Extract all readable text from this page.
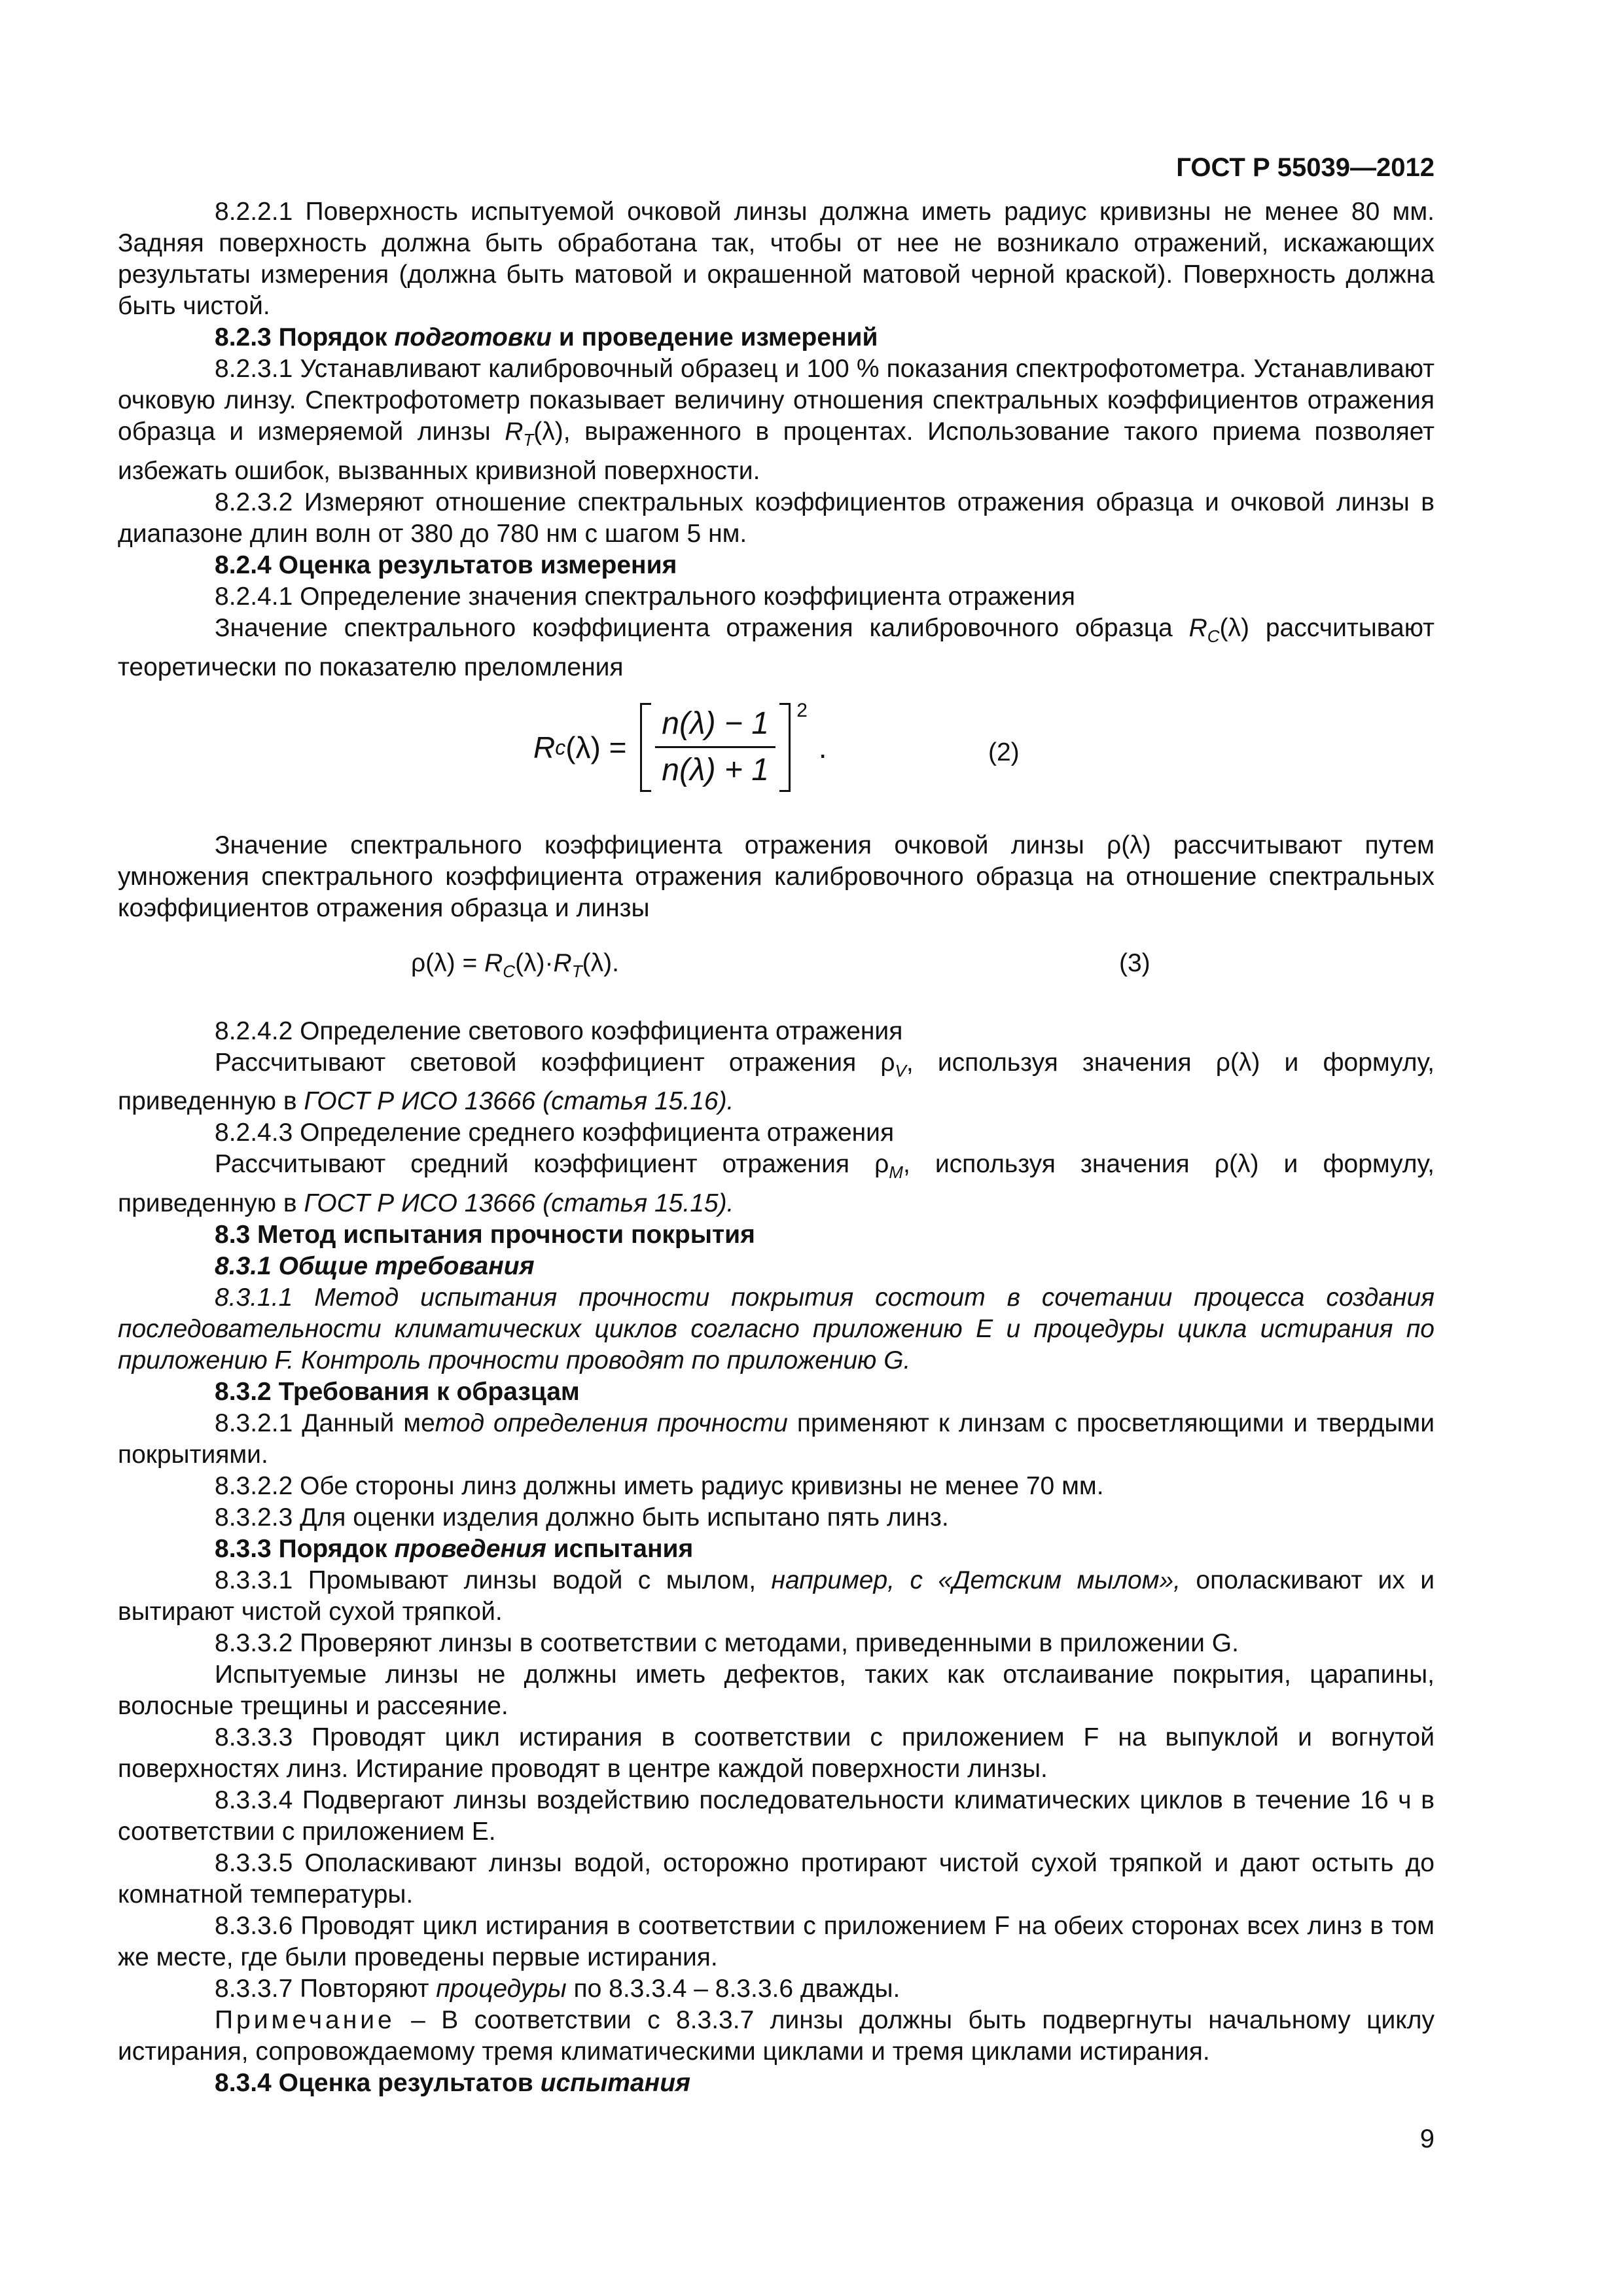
ГОСТ Р 55039—2012

8.2.2.1 Поверхность испытуемой очковой линзы должна иметь радиус кривизны не менее 80 мм. Задняя поверхность должна быть обработана так, чтобы от нее не возникало отражений, искажающих результаты измерения (должна быть матовой и окрашенной матовой черной краской). Поверхность должна быть чистой.

8.2.3 Порядок подготовки и проведение измерений

8.2.3.1 Устанавливают калибровочный образец и 100 % показания спектрофотометра. Устанавливают очковую линзу. Спектрофотометр показывает величину отношения спектральных коэффициентов отражения образца и измеряемой линзы $R_T(\lambda)$, выраженного в процентах. Использование такого приема позволяет избежать ошибок, вызванных кривизной поверхности.

8.2.3.2 Измеряют отношение спектральных коэффициентов отражения образца и очковой линзы в диапазоне длин волн от 380 до 780 нм с шагом 5 нм.

8.2.4 Оценка результатов измерения

8.2.4.1 Определение значения спектрального коэффициента отражения

Значение спектрального коэффициента отражения калибровочного образца $R_C(\lambda)$ рассчитывают теоретически по показателю преломления

$Rc(\lambda) = \frac{n(\lambda) - 1}{n(\lambda) + 1} 2$
.	(2)

Значение спектрального коэффициента отражения очковой линзы ρ(λ) рассчитывают путем умножения спектрального коэффициента отражения калибровочного образца на отношение спектральных коэффициентов отражения образца и линзы

$\rho(\lambda) = R_C(\lambda)\cdot R_T(\lambda)$.	(3)

8.2.4.2 Определение светового коэффициента отражения

Рассчитывают световой коэффициент отражения $\rho_V$, используя значения ρ(λ) и формулу, приведенную в ГОСТ Р ИСО 13666 (статья 15.16).

8.2.4.3 Определение среднего коэффициента отражения

Рассчитывают средний коэффициент отражения $\rho_M$, используя значения ρ(λ) и формулу, приведенную в ГОСТ Р ИСО 13666 (статья 15.15).

8.3 Метод испытания прочности покрытия

8.3.1 Общие требования

8.3.1.1 Метод испытания прочности покрытия состоит в сочетании процесса создания последовательности климатических циклов согласно приложению E и процедуры цикла истирания по приложению F. Контроль прочности проводят по приложению G.

8.3.2 Требования к образцам

8.3.2.1 Данный метод определения прочности применяют к линзам с просветляющими и твердыми покрытиями.

8.3.2.2 Обе стороны линз должны иметь радиус кривизны не менее 70 мм.

8.3.2.3 Для оценки изделия должно быть испытано пять линз.

8.3.3 Порядок проведения испытания

8.3.3.1 Промывают линзы водой с мылом, например, с «Детским мылом», ополаскивают их и вытирают чистой сухой тряпкой.

8.3.3.2 Проверяют линзы в соответствии с методами, приведенными в приложении G.

Испытуемые линзы не должны иметь дефектов, таких как отслаивание покрытия, царапины, волосные трещины и рассеяние.

8.3.3.3 Проводят цикл истирания в соответствии с приложением F на выпуклой и вогнутой поверхностях линз. Истирание проводят в центре каждой поверхности линзы.

8.3.3.4 Подвергают линзы воздействию последовательности климатических циклов в течение 16 ч в соответствии с приложением E.

8.3.3.5 Ополаскивают линзы водой, осторожно протирают чистой сухой тряпкой и дают остыть до комнатной температуры.

8.3.3.6 Проводят цикл истирания в соответствии с приложением F на обеих сторонах всех линз в том же месте, где были проведены первые истирания.

8.3.3.7 Повторяют процедуры по 8.3.3.4 – 8.3.3.6 дважды.

Примечание – В соответствии с 8.3.3.7 линзы должны быть подвергнуты начальному циклу истирания, сопровождаемому тремя климатическими циклами и тремя циклами истирания.

8.3.4 Оценка результатов испытания

9
